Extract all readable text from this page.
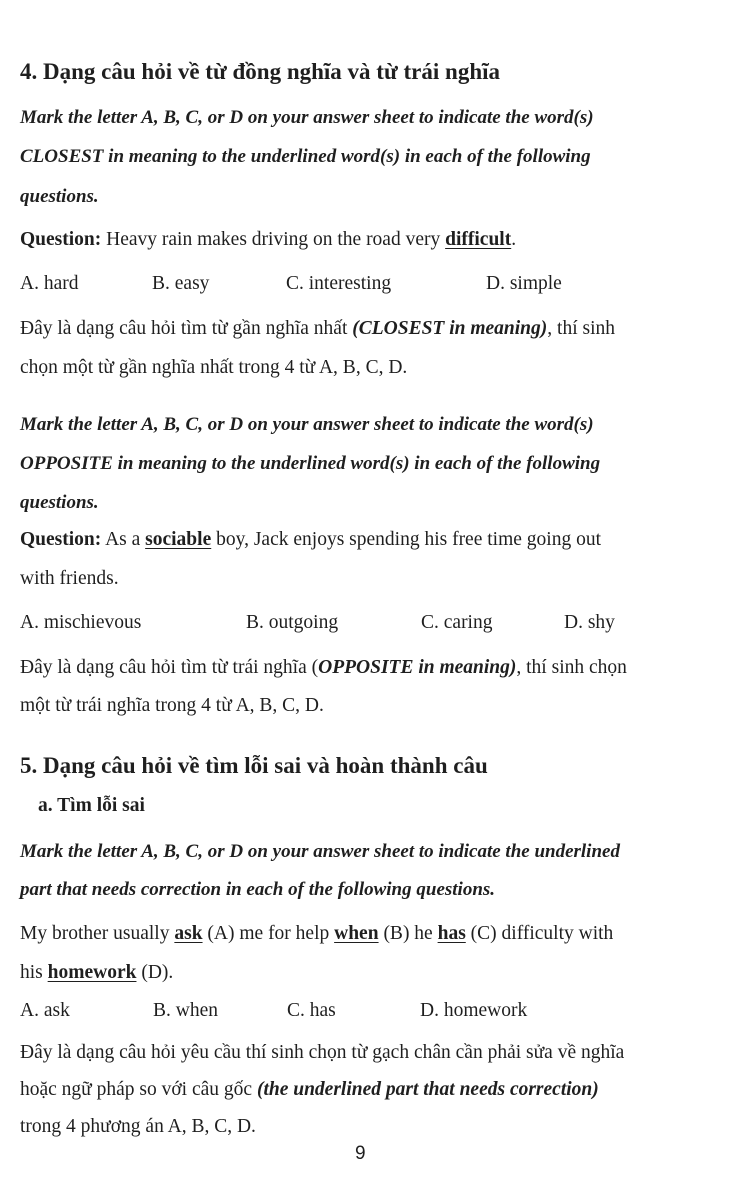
4. Dạng câu hỏi về từ đồng nghĩa và từ trái nghĩa
Mark the letter A, B, C, or D on your answer sheet to indicate the word(s)
CLOSEST in meaning to the underlined word(s) in each of the following
questions.
Question: Heavy rain makes driving on the road very difficult.
A. hard	B. easy	C. interesting	D. simple
Đây là dạng câu hỏi tìm từ gần nghĩa nhất (CLOSEST in meaning), thí sinh
chọn một từ gần nghĩa nhất trong 4 từ A, B, C, D.
Mark the letter A, B, C, or D on your answer sheet to indicate the word(s)
OPPOSITE in meaning to the underlined word(s) in each of the following
questions.
Question: As a sociable boy, Jack enjoys spending his free time going out
with friends.
A. mischievous	B. outgoing	C. caring	D. shy
Đây là dạng câu hỏi tìm từ trái nghĩa (OPPOSITE in meaning), thí sinh chọn
một từ trái nghĩa trong 4 từ A, B, C, D.
5. Dạng câu hỏi về tìm lỗi sai và hoàn thành câu
a. Tìm lỗi sai
Mark the letter A, B, C, or D on your answer sheet to indicate the underlined
part that needs correction in each of the following questions.
My brother usually ask (A) me for help when (B) he has (C) difficulty with
his homework (D).
A. ask	B. when	C. has	D. homework
Đây là dạng câu hỏi yêu cầu thí sinh chọn từ gạch chân cần phải sửa về nghĩa
hoặc ngữ pháp so với câu gốc (the underlined part that needs correction)
trong 4 phương án A, B, C, D.
9
